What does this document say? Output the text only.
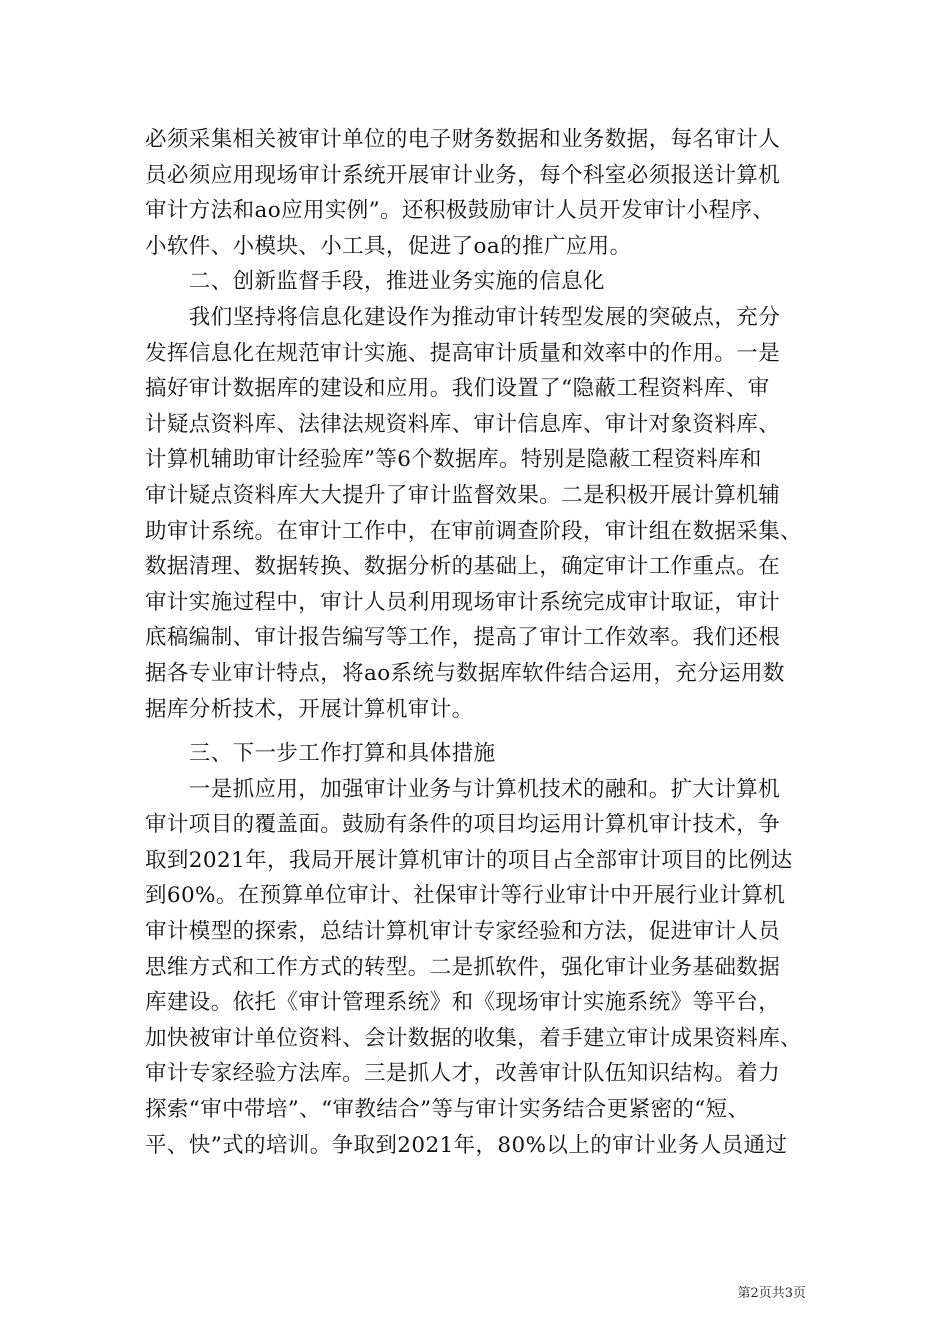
必须采集相关被审计单位的电子财务数据和业务数据，每名审计人
员必须应用现场审计系统开展审计业务，每个科室必须报送计算机
审计方法和ao应用实例”。还积极鼓励审计人员开发审计小程序、
小软件、小模块、小工具，促进了oa的推广应用。
　　二、创新监督手段，推进业务实施的信息化
　　我们坚持将信息化建设作为推动审计转型发展的突破点，充分
发挥信息化在规范审计实施、提高审计质量和效率中的作用。一是
搞好审计数据库的建设和应用。我们设置了“隐蔽工程资料库、审
计疑点资料库、法律法规资料库、审计信息库、审计对象资料库、
计算机辅助审计经验库”等6个数据库。特别是隐蔽工程资料库和
审计疑点资料库大大提升了审计监督效果。二是积极开展计算机辅
助审计系统。在审计工作中，在审前调查阶段，审计组在数据采集、
数据清理、数据转换、数据分析的基础上，确定审计工作重点。在
审计实施过程中，审计人员利用现场审计系统完成审计取证，审计
底稿编制、审计报告编写等工作，提高了审计工作效率。我们还根
据各专业审计特点，将ao系统与数据库软件结合运用，充分运用数
据库分析技术，开展计算机审计。
　　三、下一步工作打算和具体措施
　　一是抓应用，加强审计业务与计算机技术的融和。扩大计算机
审计项目的覆盖面。鼓励有条件的项目均运用计算机审计技术，争
取到2021年，我局开展计算机审计的项目占全部审计项目的比例达
到60%。在预算单位审计、社保审计等行业审计中开展行业计算机
审计模型的探索，总结计算机审计专家经验和方法，促进审计人员
思维方式和工作方式的转型。二是抓软件，强化审计业务基础数据
库建设。依托《审计管理系统》和《现场审计实施系统》等平台，
加快被审计单位资料、会计数据的收集，着手建立审计成果资料库、
审计专家经验方法库。三是抓人才，改善审计队伍知识结构。着力
探索“审中带培”、“审教结合”等与审计实务结合更紧密的“短、
平、快”式的培训。争取到2021年，80%以上的审计业务人员通过
第2页共3页
